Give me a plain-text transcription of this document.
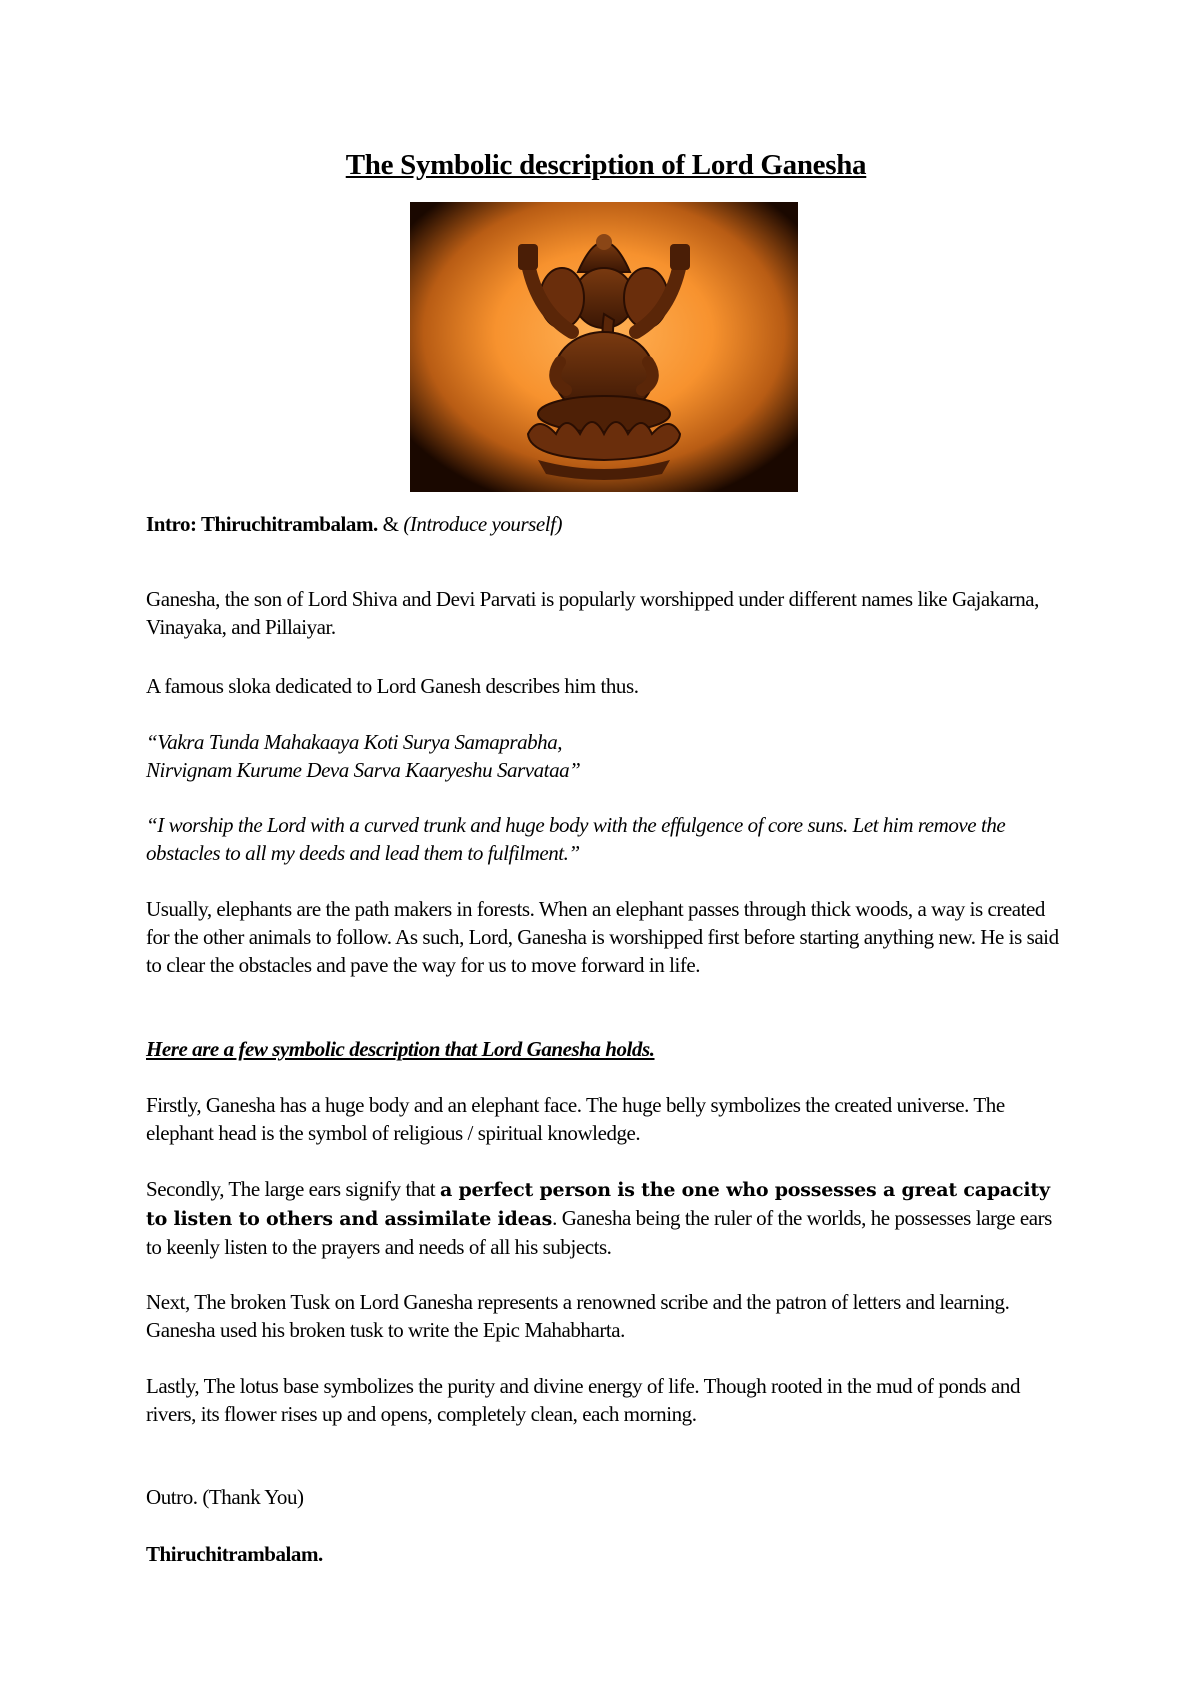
The Symbolic description of Lord Ganesha

Intro: Thiruchitrambalam. & (Introduce yourself)

Ganesha, the son of Lord Shiva and Devi Parvati is popularly worshipped under different names like Gajakarna, Vinayaka, and Pillaiyar.

A famous sloka dedicated to Lord Ganesh describes him thus.

“Vakra Tunda Mahakaaya Koti Surya Samaprabha,

Nirvignam Kurume Deva Sarva Kaaryeshu Sarvataa”

“I worship the Lord with a curved trunk and huge body with the effulgence of core suns. Let him remove the obstacles to all my deeds and lead them to fulfilment.”

Usually, elephants are the path makers in forests. When an elephant passes through thick woods, a way is created for the other animals to follow. As such, Lord, Ganesha is worshipped first before starting anything new. He is said to clear the obstacles and pave the way for us to move forward in life.

Here are a few symbolic description that Lord Ganesha holds.

Firstly, Ganesha has a huge body and an elephant face. The huge belly symbolizes the created universe. The elephant head is the symbol of religious / spiritual knowledge.

Secondly, The large ears signify that a perfect person is the one who possesses a great capacity to listen to others and assimilate ideas. Ganesha being the ruler of the worlds, he possesses large ears to keenly listen to the prayers and needs of all his subjects.

Next, The broken Tusk on Lord Ganesha represents a renowned scribe and the patron of letters and learning. Ganesha used his broken tusk to write the Epic Mahabharta.

Lastly, The lotus base symbolizes the purity and divine energy of life. Though rooted in the mud of ponds and rivers, its flower rises up and opens, completely clean, each morning.

Outro. (Thank You)

Thiruchitrambalam.
